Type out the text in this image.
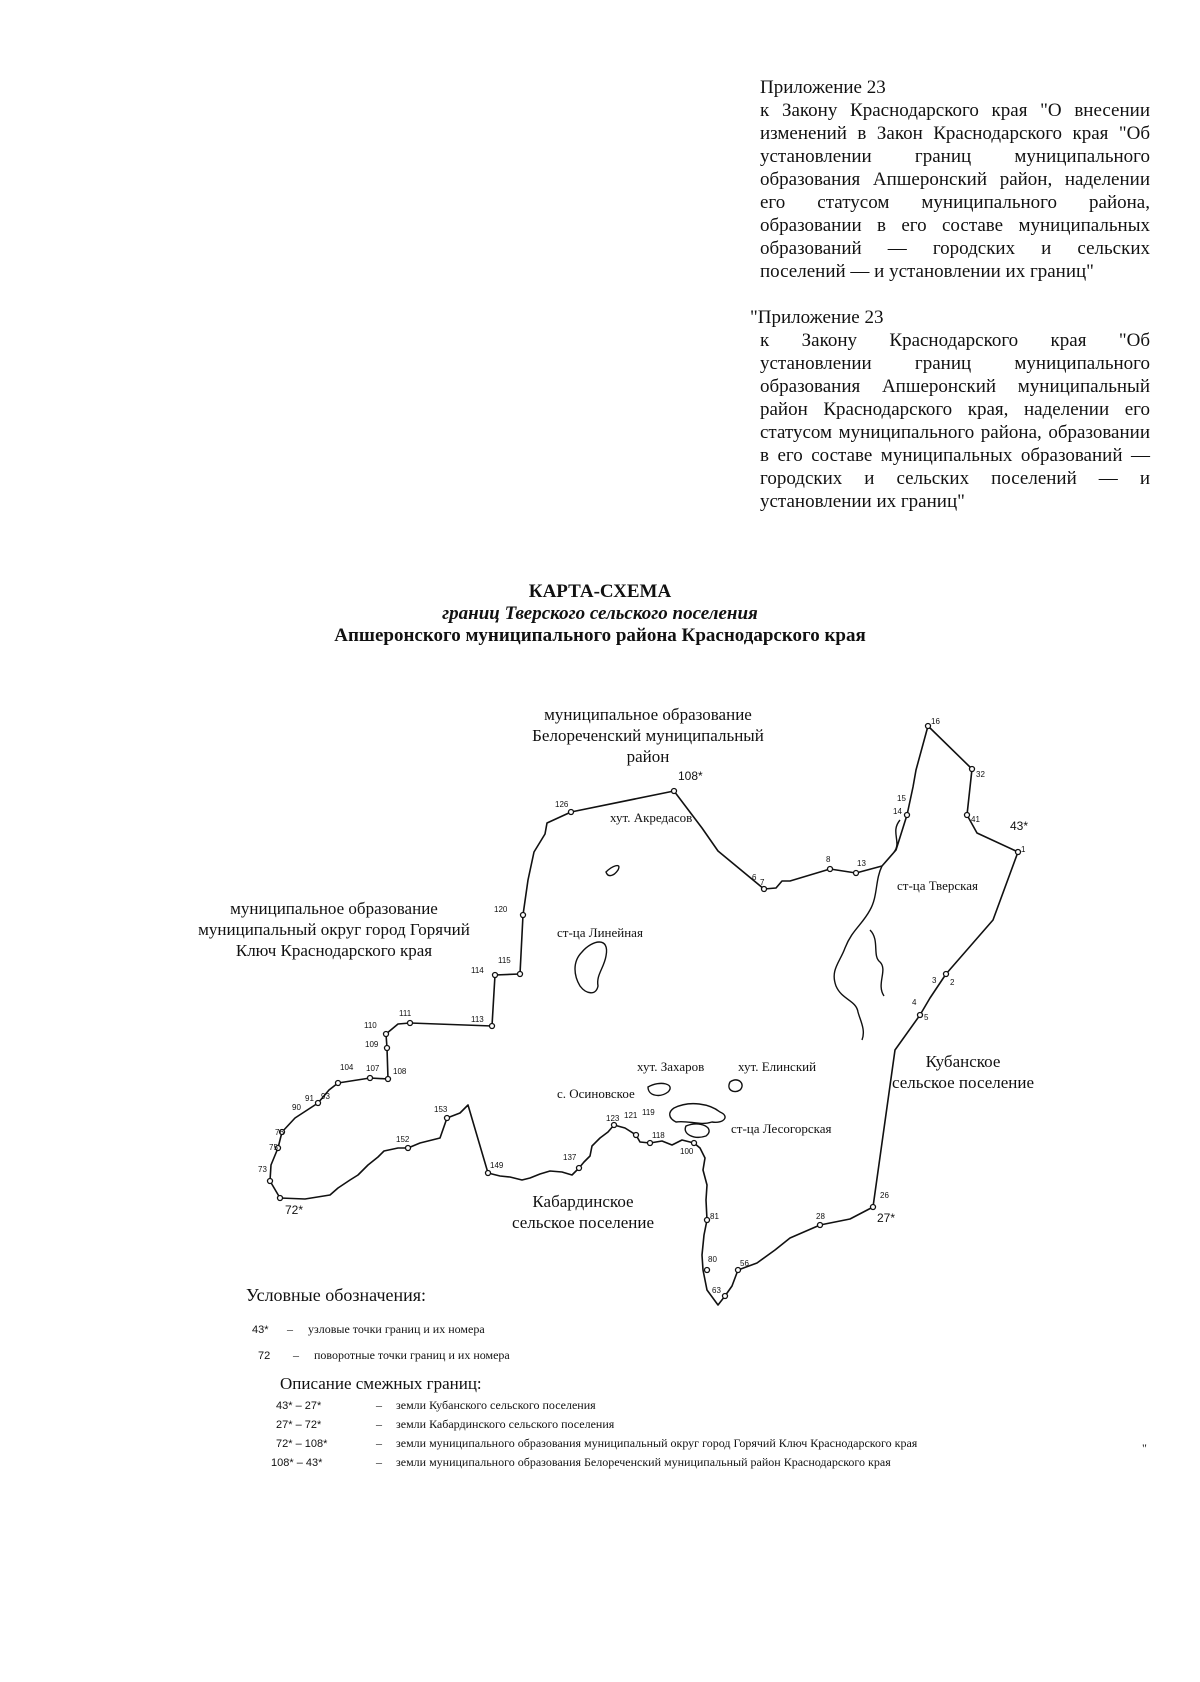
Приложение 23

к Закону Краснодарского края "О внесении изменений в Закон Краснодарского края "Об установлении границ муниципального образования Апшеронский район, наделении его статусом муниципального района, образовании в его составе муниципальных образований — городских и сельских поселений — и установлении их границ"

"Приложение 23

к Закону Краснодарского края "Об установлении границ муниципального образования Апшеронский муниципальный район Краснодарского края, наделении его статусом муниципального района, образовании в его составе муниципальных образований — городских и сельских поселений — и установлении их границ"

КАРТА-СХЕМА
границ Тверского сельского поселения
Апшеронского муниципального района Краснодарского края
16
32
15
14
41	43*
1
13
8
6
7
108*
126
120
115
114
113
111
110
109
107 108
104
93
91
90
76
75
73
72*
153
152
149
137
123 121 119
118
100
81
80	56
63
28	27*
26
5
4
3 2
муниципальное образование
Белореченский муниципальный
район
муниципальное образование
муниципальный округ город Горячий
Ключ Краснодарского края
Кубанское
сельское поселение
Кабардинское
сельское поселение
хут. Акредасов
ст-ца Тверская
ст-ца Линейная
хут. Захаров	хут. Елинский
с. Осиновское
ст-ца Лесогорская
Условные обозначения:
43* – узловые точки границ и их номера
72 – поворотные точки границ и их номера
Описание смежных границ:
43* – 27*	– земли Кубанского сельского поселения
27* – 72*	– земли Кабардинского сельского поселения
72* – 108*	– земли муниципального образования муниципальный округ город Горячий Ключ Краснодарского края
108* – 43*	– земли муниципального образования Белореченский муниципальный район Краснодарского края
"
